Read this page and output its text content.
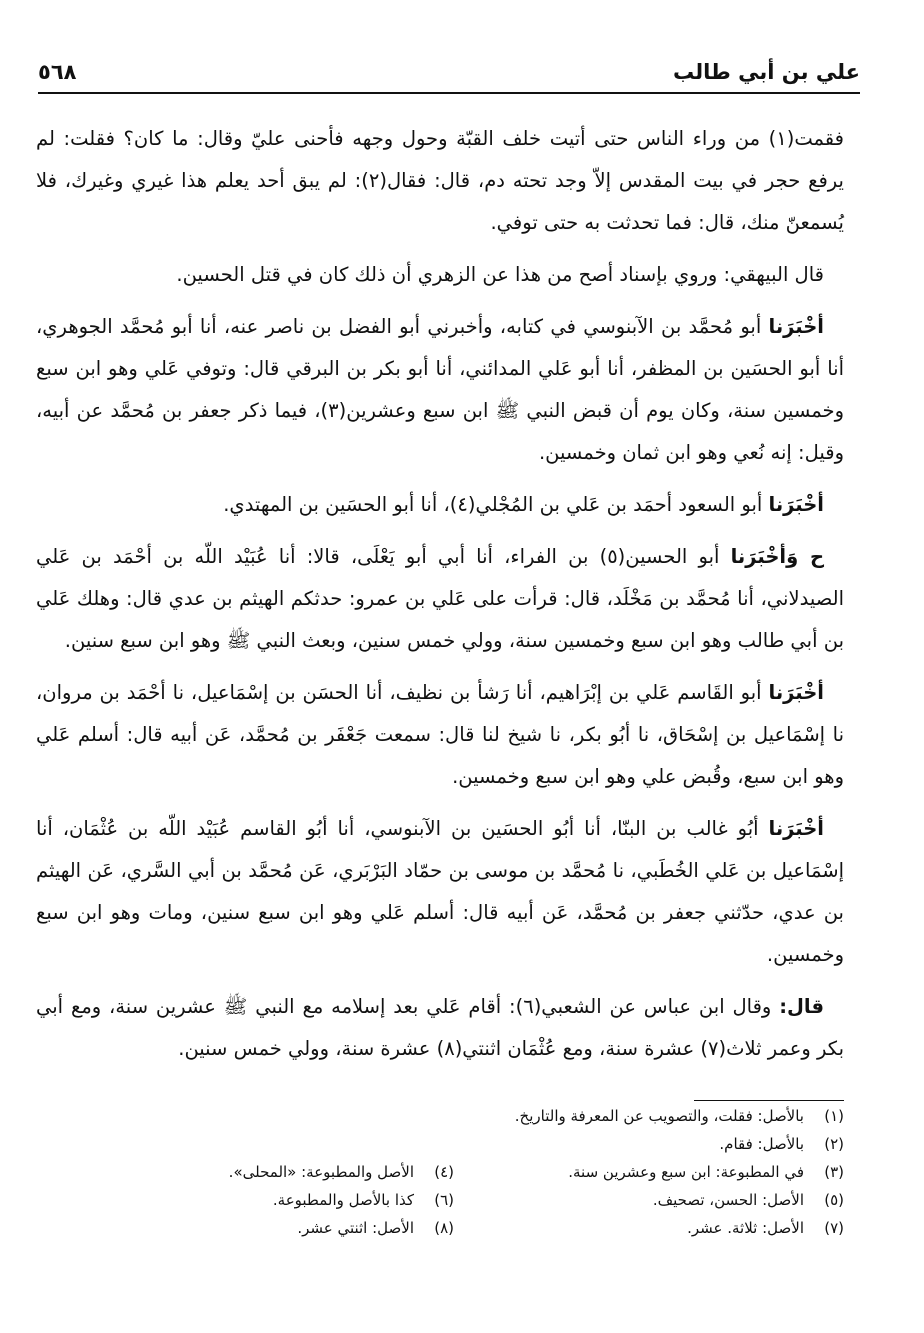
علي بن أبي طالب
٥٦٨

فقمت(١) من وراء الناس حتى أتيت خلف القبّة وحول وجهه فأحنى عليّ وقال: ما كان؟ فقلت: لم يرفع حجر في بيت المقدس إلاّ وجد تحته دم، قال: فقال(٢): لم يبق أحد يعلم هذا غيري وغيرك، فلا يُسمعنّ منك، قال: فما تحدثت به حتى توفي.

قال البيهقي: وروي بإسناد أصح من هذا عن الزهري أن ذلك كان في قتل الحسين.

أخْبَرَنا أبو مُحمَّد بن الآبنوسي في كتابه، وأخبرني أبو الفضل بن ناصر عنه، أنا أبو مُحمَّد الجوهري، أنا أبو الحسَين بن المظفر، أنا أبو عَلي المدائني، أنا أبو بكر بن البرقي قال: وتوفي عَلي وهو ابن سبع وخمسين سنة، وكان يوم أن قبض النبي ﷺ ابن سبع وعشرين(٣)، فيما ذكر جعفر بن مُحمَّد عن أبيه، وقيل: إنه نُعي وهو ابن ثمان وخمسين.

أخْبَرَنا أبو السعود أحمَد بن عَلي بن المُجْلي(٤)، أنا أبو الحسَين بن المهتدي.

ح وَأخْبَرَنا أبو الحسين(٥) بن الفراء، أنا أبي أبو يَعْلَى، قالا: أنا عُبَيْد اللّه بن أحْمَد بن عَلي الصيدلاني، أنا مُحمَّد بن مَخْلَد، قال: قرأت على عَلي بن عمرو: حدثكم الهيثم بن عدي قال: وهلك عَلي بن أبي طالب وهو ابن سبع وخمسين سنة، وولي خمس سنين، وبعث النبي ﷺ وهو ابن سبع سنين.

أخْبَرَنا أبو القَاسم عَلي بن إبْرَاهيم، أنا رَشأ بن نظيف، أنا الحسَن بن إسْمَاعيل، نا أحْمَد بن مروان، نا إسْمَاعيل بن إسْحَاق، نا أبُو بكر، نا شيخ لنا قال: سمعت جَعْفَر بن مُحمَّد، عَن أبيه قال: أسلم عَلي وهو ابن سبع، وقُبض علي وهو ابن سبع وخمسين.

أخْبَرَنا أبُو غالب بن البنّا، أنا أبُو الحسَين بن الآبنوسي، أنا أبُو القاسم عُبَيْد اللّه بن عُثْمَان، أنا إسْمَاعيل بن عَلي الخُطَبي، نا مُحمَّد بن موسى بن حمّاد البَرْبَري، عَن مُحمَّد بن أبي السَّري، عَن الهيثم بن عدي، حدّثني جعفر بن مُحمَّد، عَن أبيه قال: أسلم عَلي وهو ابن سبع سنين، ومات وهو ابن سبع وخمسين.

قال: وقال ابن عباس عن الشعبي(٦): أقام عَلي بعد إسلامه مع النبي ﷺ عشرين سنة، ومع أبي بكر وعمر ثلاث(٧) عشرة سنة، ومع عُثْمَان اثنتي(٨) عشرة سنة، وولي خمس سنين.

(١)
بالأصل: فقلت، والتصويب عن المعرفة والتاريخ.
(٢)
بالأصل: فقام.
(٣)
في المطبوعة: ابن سبع وعشرين سنة.
(٤)
الأصل والمطبوعة: «المحلى».
(٥)
الأصل: الحسن، تصحيف.
(٦)
كذا بالأصل والمطبوعة.
(٧)
الأصل: ثلاثة. عشر.
(٨)
الأصل: اثنتي عشر.
